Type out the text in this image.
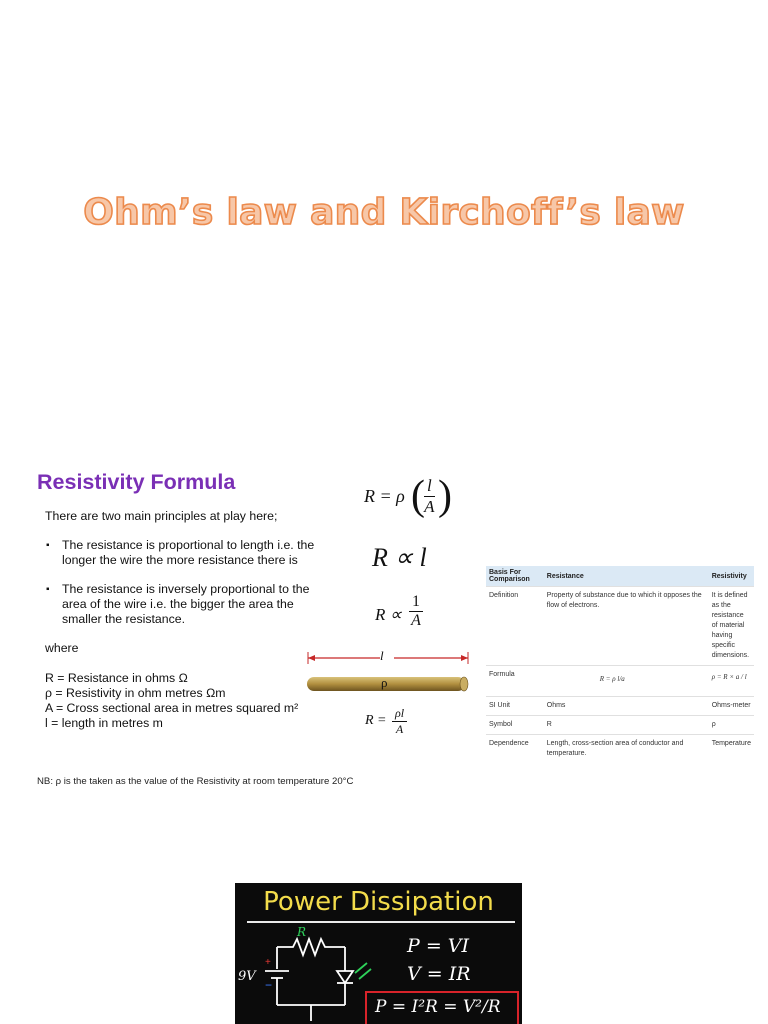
Ohm’s law and Kirchoff’s law
Resistivity Formula
There are two main principles at play here;
▪ The resistance is proportional to length i.e. the
longer the wire the more resistance there is
▪ The resistance is inversely proportional to the
area of the wire i.e. the bigger the area the
smaller the resistance.
where
R = Resistance in ohms Ω
ρ = Resistivity in ohm metres Ωm
A = Cross sectional area in metres squared m²
l = length in metres m
R = ρ ( $\frac{l}{A}$ )
R ∝ l
$R \propto \frac{1}{A}$
l
ρ
$R = \frac{\rho l}{A}$
NB: ρ is the taken as the value of the Resistivity at room temperature 20°C
Basis For Comparison	Resistance	Resistivity
Definition	Property of substance due to which it opposes the flow of electrons.	It is defined as the resistance of material having specific dimensions.
Formula	R = ρ l/a	ρ = R × a / l
SI Unit	Ohms	Ohms-meter
Symbol	R	ρ
Dependence	Length, cross-section area of conductor and temperature.	Temperature
Power Dissipation
+
−
R
9V
P = VI
V = IR
P = I²R = V²/R
